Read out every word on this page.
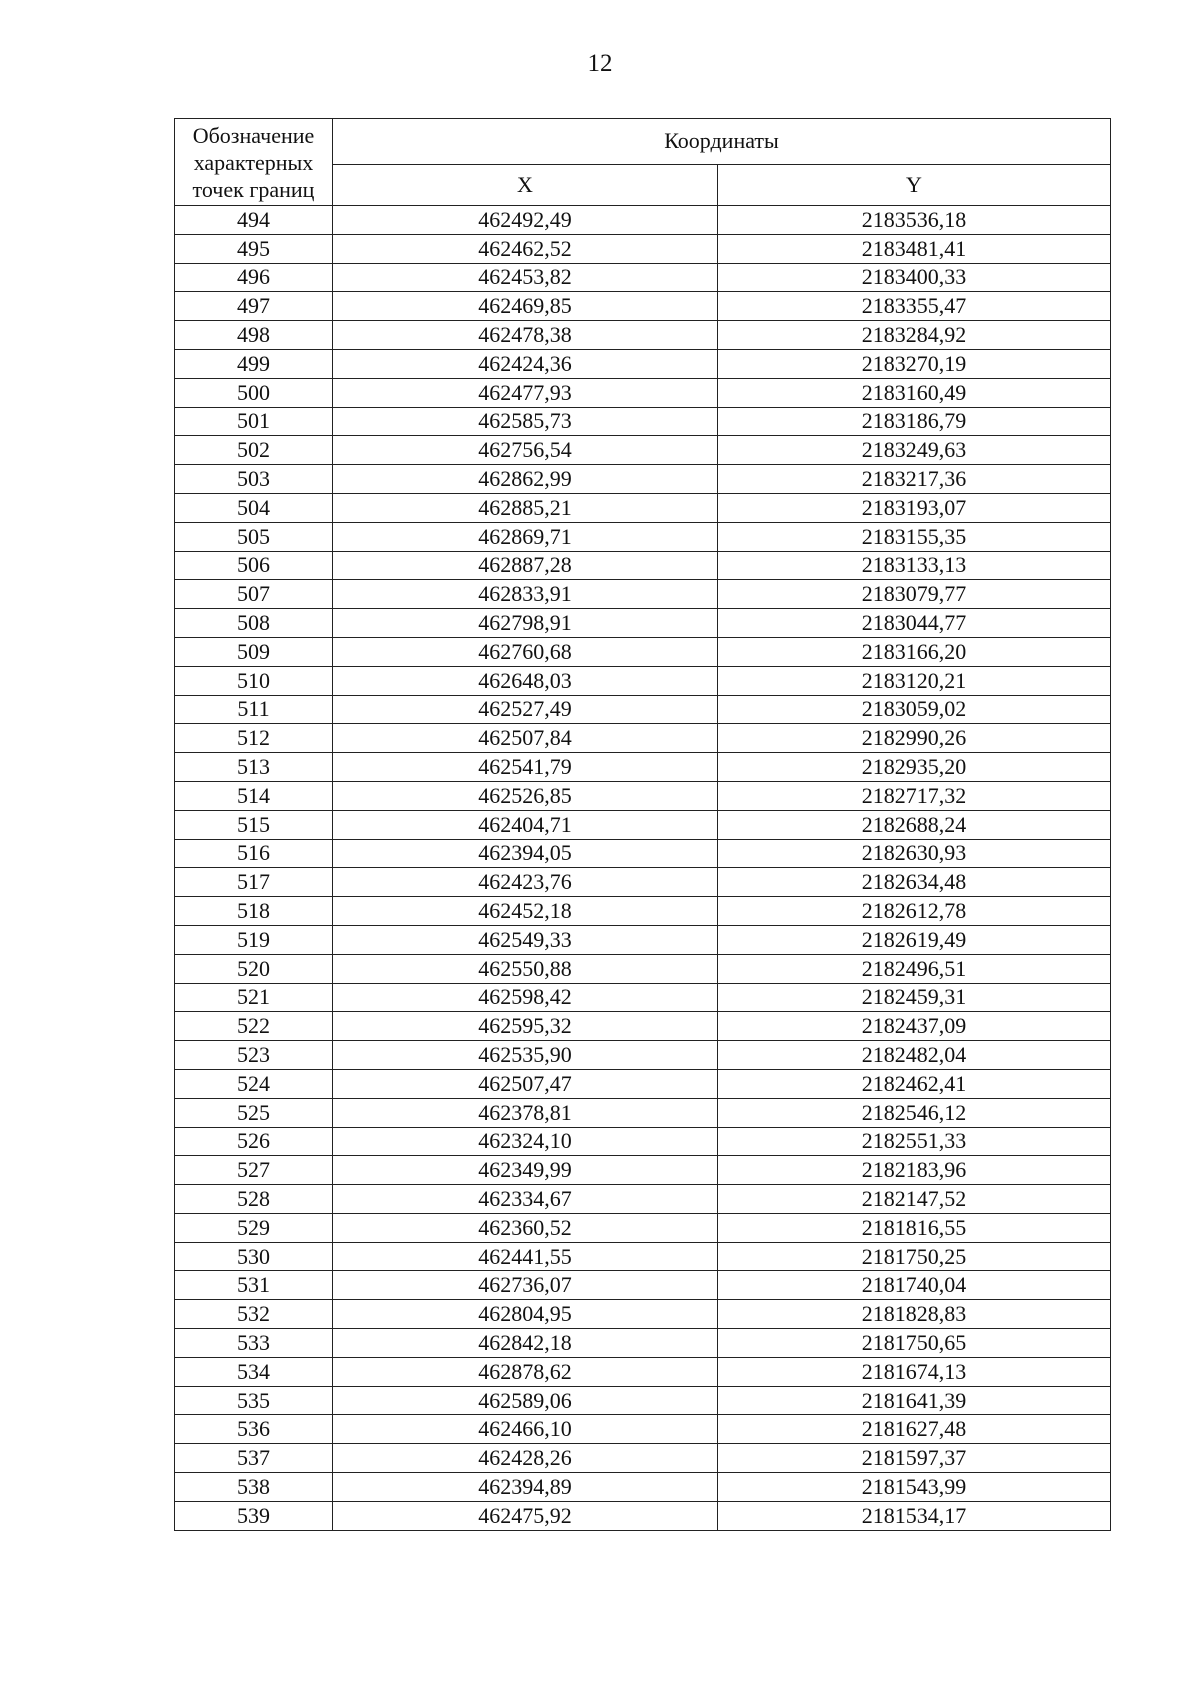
12
Обозначение характерных точек границ	Координаты	
	X	Y
494	462492,49	2183536,18
495	462462,52	2183481,41
496	462453,82	2183400,33
497	462469,85	2183355,47
498	462478,38	2183284,92
499	462424,36	2183270,19
500	462477,93	2183160,49
501	462585,73	2183186,79
502	462756,54	2183249,63
503	462862,99	2183217,36
504	462885,21	2183193,07
505	462869,71	2183155,35
506	462887,28	2183133,13
507	462833,91	2183079,77
508	462798,91	2183044,77
509	462760,68	2183166,20
510	462648,03	2183120,21
511	462527,49	2183059,02
512	462507,84	2182990,26
513	462541,79	2182935,20
514	462526,85	2182717,32
515	462404,71	2182688,24
516	462394,05	2182630,93
517	462423,76	2182634,48
518	462452,18	2182612,78
519	462549,33	2182619,49
520	462550,88	2182496,51
521	462598,42	2182459,31
522	462595,32	2182437,09
523	462535,90	2182482,04
524	462507,47	2182462,41
525	462378,81	2182546,12
526	462324,10	2182551,33
527	462349,99	2182183,96
528	462334,67	2182147,52
529	462360,52	2181816,55
530	462441,55	2181750,25
531	462736,07	2181740,04
532	462804,95	2181828,83
533	462842,18	2181750,65
534	462878,62	2181674,13
535	462589,06	2181641,39
536	462466,10	2181627,48
537	462428,26	2181597,37
538	462394,89	2181543,99
539	462475,92	2181534,17
